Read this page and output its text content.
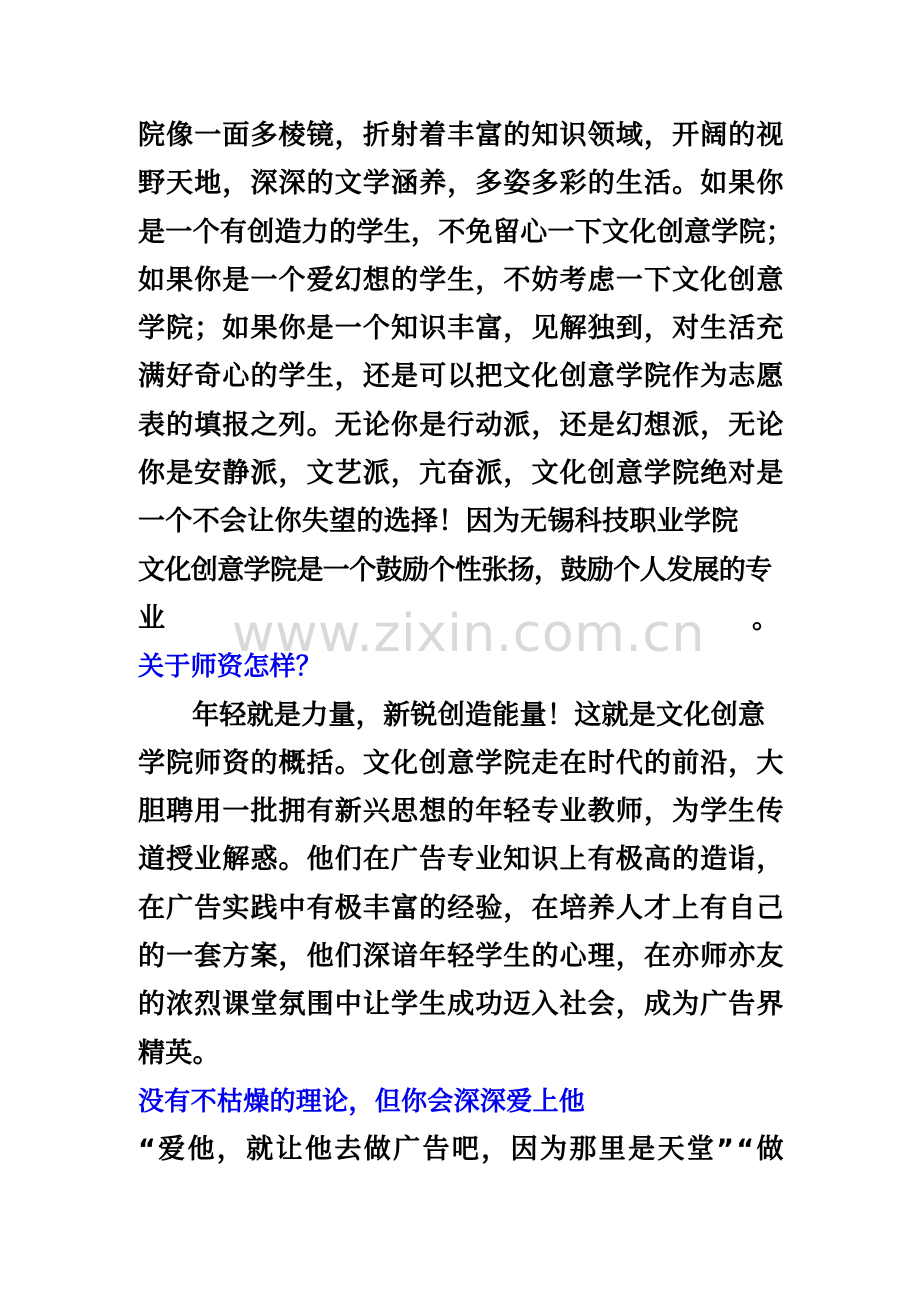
www.zixin.com.cn
院 像 一 面 多 棱 镜 ， 折 射 着 丰 富 的 知 识 领 域 ， 开 阔 的 视
野 天 地 ， 深 深 的 文 学 涵 养 ， 多 姿 多 彩 的 生 活 。 如 果 你
是一个有创造力的学生，不免留心一下文化创意学院；
如 果 你 是 一 个 爱 幻 想 的 学 生 ， 不 妨 考 虑 一 下 文 化 创 意
学 院 ； 如 果 你 是 一 个 知 识 丰 富 ， 见 解 独 到 ， 对 生 活 充
满 好 奇 心 的 学 生 ， 还 是 可 以 把 文 化 创 意 学 院 作 为 志 愿
表 的 填 报 之 列 。 无 论 你 是 行 动 派 ， 还 是 幻 想 派 ， 无 论
你 是 安 静 派 ， 文 艺 派 ， 亢 奋 派 ， 文 化 创 意 学 院 绝 对 是
一个不会让你失望的选择！因为无锡科技职业学院
文化创意学院是一个鼓励个性张扬，鼓励个人发展的专
业
关于师资怎样？
年轻就是力量，新锐创造能量！这就是文化创意
学 院 师 资 的 概 括 。 文 化 创 意 学 院 走 在 时 代 的 前 沿 ， 大
胆 聘 用 一 批 拥 有 新 兴 思 想 的 年 轻 专 业 教 师 ， 为 学 生 传
道 授 业 解 惑 。 他 们 在 广 告 专 业 知 识 上 有 极 高 的 造 诣 ，
在 广 告 实 践 中 有 极 丰 富 的 经 验 ， 在 培 养 人 才 上 有 自 己
的 一 套 方 案 ， 他 们 深 谙 年 轻 学 生 的 心 理 ， 在 亦 师 亦 友
的 浓 烈 课 堂 氛 围 中 让 学 生 成 功 迈 入 社 会 ， 成 为 广 告 界
精英。
没有不枯燥的理论，但你会深深爱上他
“ 爱 他 ， 就 让 他 去 做 广 告 吧 ， 因 为 那 里 是 天 堂 ” “ 做
。
